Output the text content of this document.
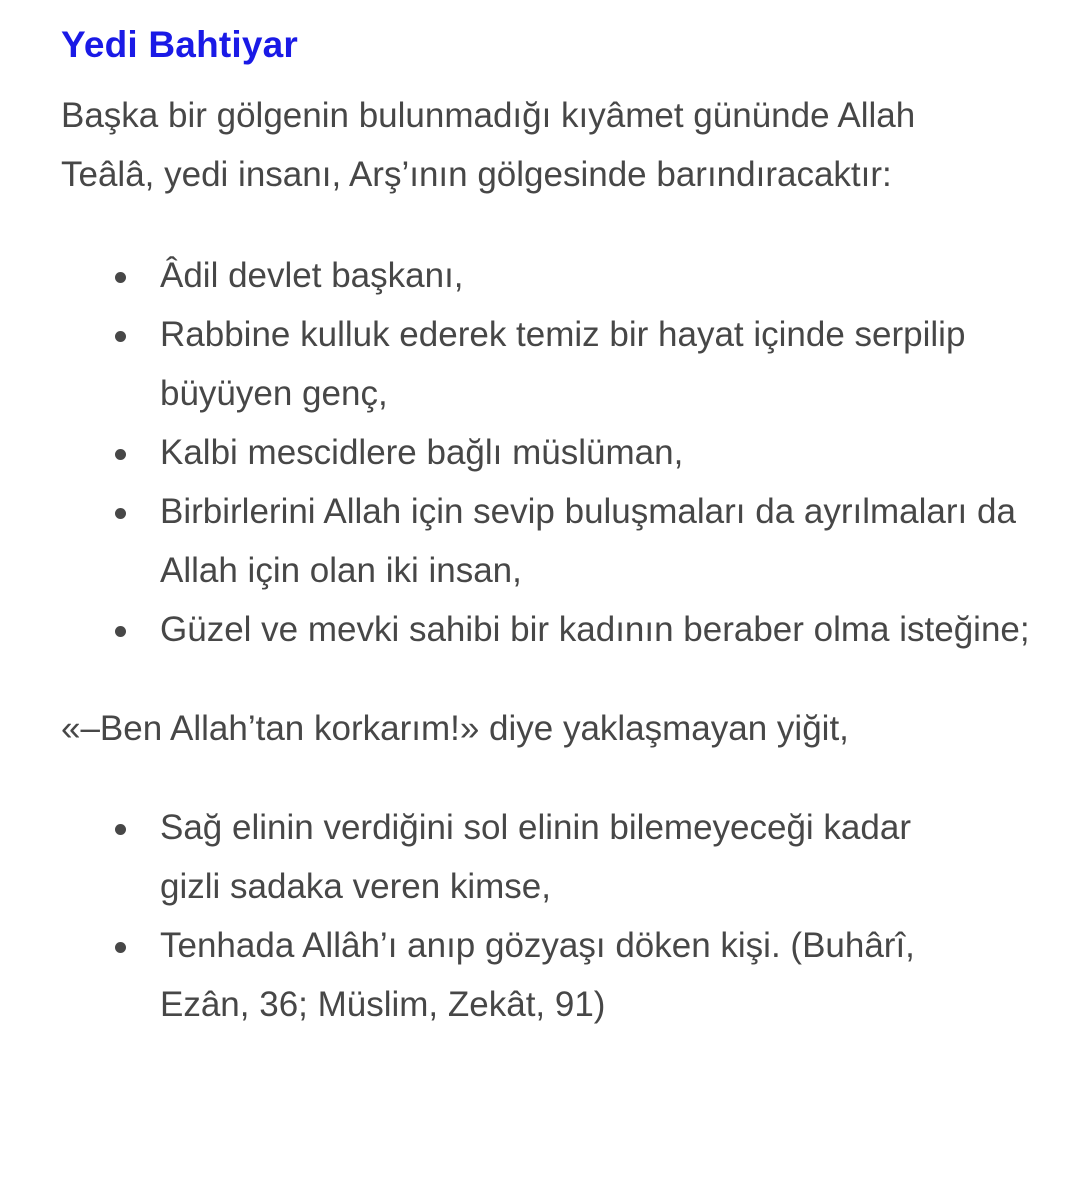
Yedi Bahtiyar

Başka bir gölgenin bulunmadığı kıyâmet gününde Allah Teâlâ, yedi insanı, Arş’ının gölgesinde barındıracaktır:

Âdil devlet başkanı,
Rabbine kulluk ederek temiz bir hayat içinde serpilip büyüyen genç,
Kalbi mescidlere bağlı müslüman,
Birbirlerini Allah için sevip buluşmaları da ayrılmaları da Allah için olan iki insan,
Güzel ve mevki sahibi bir kadının beraber olma isteğine;

«–Ben Allah’tan korkarım!» diye yaklaşmayan yiğit,

Sağ elinin verdiğini sol elinin bilemeyeceği kadar gizli sadaka veren kimse,
Tenhada Allâh’ı anıp gözyaşı döken kişi. (Buhârî, Ezân, 36; Müslim, Zekât, 91)
